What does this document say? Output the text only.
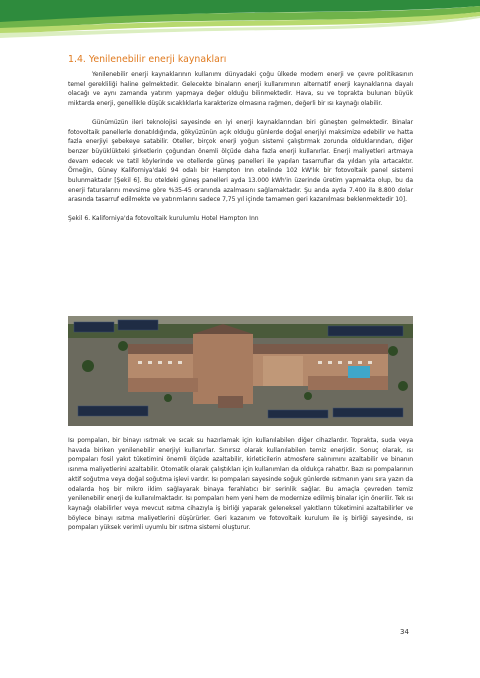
1.4. Yenilenebilir enerji kaynakları

Yenilenebilir enerji kaynaklarının kullanımı dünyadaki çoğu ülkede modern enerji ve çevre politikasının temel gerekliliği haline gelmektedir. Gelecekte binaların enerji kullanımının alternatif enerji kaynaklarına dayalı olacağı ve aynı zamanda yatırım yapmaya değer olduğu bilinmektedir. Hava, su ve toprakta bulunan büyük miktarda enerji, genellikle düşük sıcaklıklarla karakterize olmasına rağmen, değerli bir ısı kaynağı olabilir.

Günümüzün ileri teknolojisi sayesinde en iyi enerji kaynaklarından biri güneşten gelmektedir. Binalar fotovoltaik panellerle donatıldığında, gökyüzünün açık olduğu günlerde doğal enerjiyi maksimize edebilir ve hatta fazla enerjiyi şebekeye satabilir. Oteller, birçok enerji yoğun sistemi çalıştırmak zorunda olduklarından, diğer benzer büyüklükteki şirketlerin çoğundan önemli ölçüde daha fazla enerji kullanırlar. Enerji maliyetleri artmaya devam edecek ve tatil köylerinde ve otellerde güneş panelleri ile yapılan tasarruflar da yıldan yıla artacaktır. Örneğin, Güney Kaliforniya'daki 94 odalı bir Hampton Inn otelinde 102 kW'lık bir fotovoltaik panel sistemi bulunmaktadır [Şekil 6]. Bu oteldeki güneş panelleri ayda 13.000 kWh'in üzerinde üretim yapmakta olup, bu da enerji faturalarını mevsime göre %35-45 oranında azalmasını sağlamaktadır. Şu anda ayda 7.400 ila 8.800 dolar arasında tasarruf edilmekte ve yatırımlarını sadece 7,75 yıl içinde tamamen geri kazanılması beklenmektedir 10].

Şekil 6. Kaliforniya'da fotovoltaik kurulumlu Hotel Hampton Inn

Isı pompaları, bir binayı ısıtmak ve sıcak su hazırlamak için kullanılabilen diğer cihazlardır. Toprakta, suda veya havada biriken yenilenebilir enerjiyi kullanırlar. Sınırsız olarak kullanılabilen temiz enerjidir. Sonuç olarak, ısı pompaları fosil yakıt tüketimini önemli ölçüde azaltabilir, kirleticilerin atmosfere salınımını azaltabilir ve binanın ısınma maliyetlerini azaltabilir. Otomatik olarak çalıştıkları için kullanımları da oldukça rahattır. Bazı ısı pompalarının aktif soğutma veya doğal soğutma işlevi vardır. Isı pompaları sayesinde soğuk günlerde ısıtmanın yanı sıra yazın da odalarda hoş bir mikro iklim sağlayarak binaya ferahlatıcı bir serinlik sağlar. Bu amaçla çevreden temiz yenilenebilir enerji de kullanılmaktadır. Isı pompaları hem yeni hem de modernize edilmiş binalar için önerilir. Tek ısı kaynağı olabilirler veya mevcut ısıtma cihazıyla iş birliği yaparak geleneksel yakıtların tüketimini azaltabilirler ve böylece binayı ısıtma maliyetlerini düşürürler. Geri kazanım ve fotovoltaik kurulum ile iş birliği sayesinde, ısı pompaları yüksek verimli uyumlu bir ısıtma sistemi oluşturur.

34
